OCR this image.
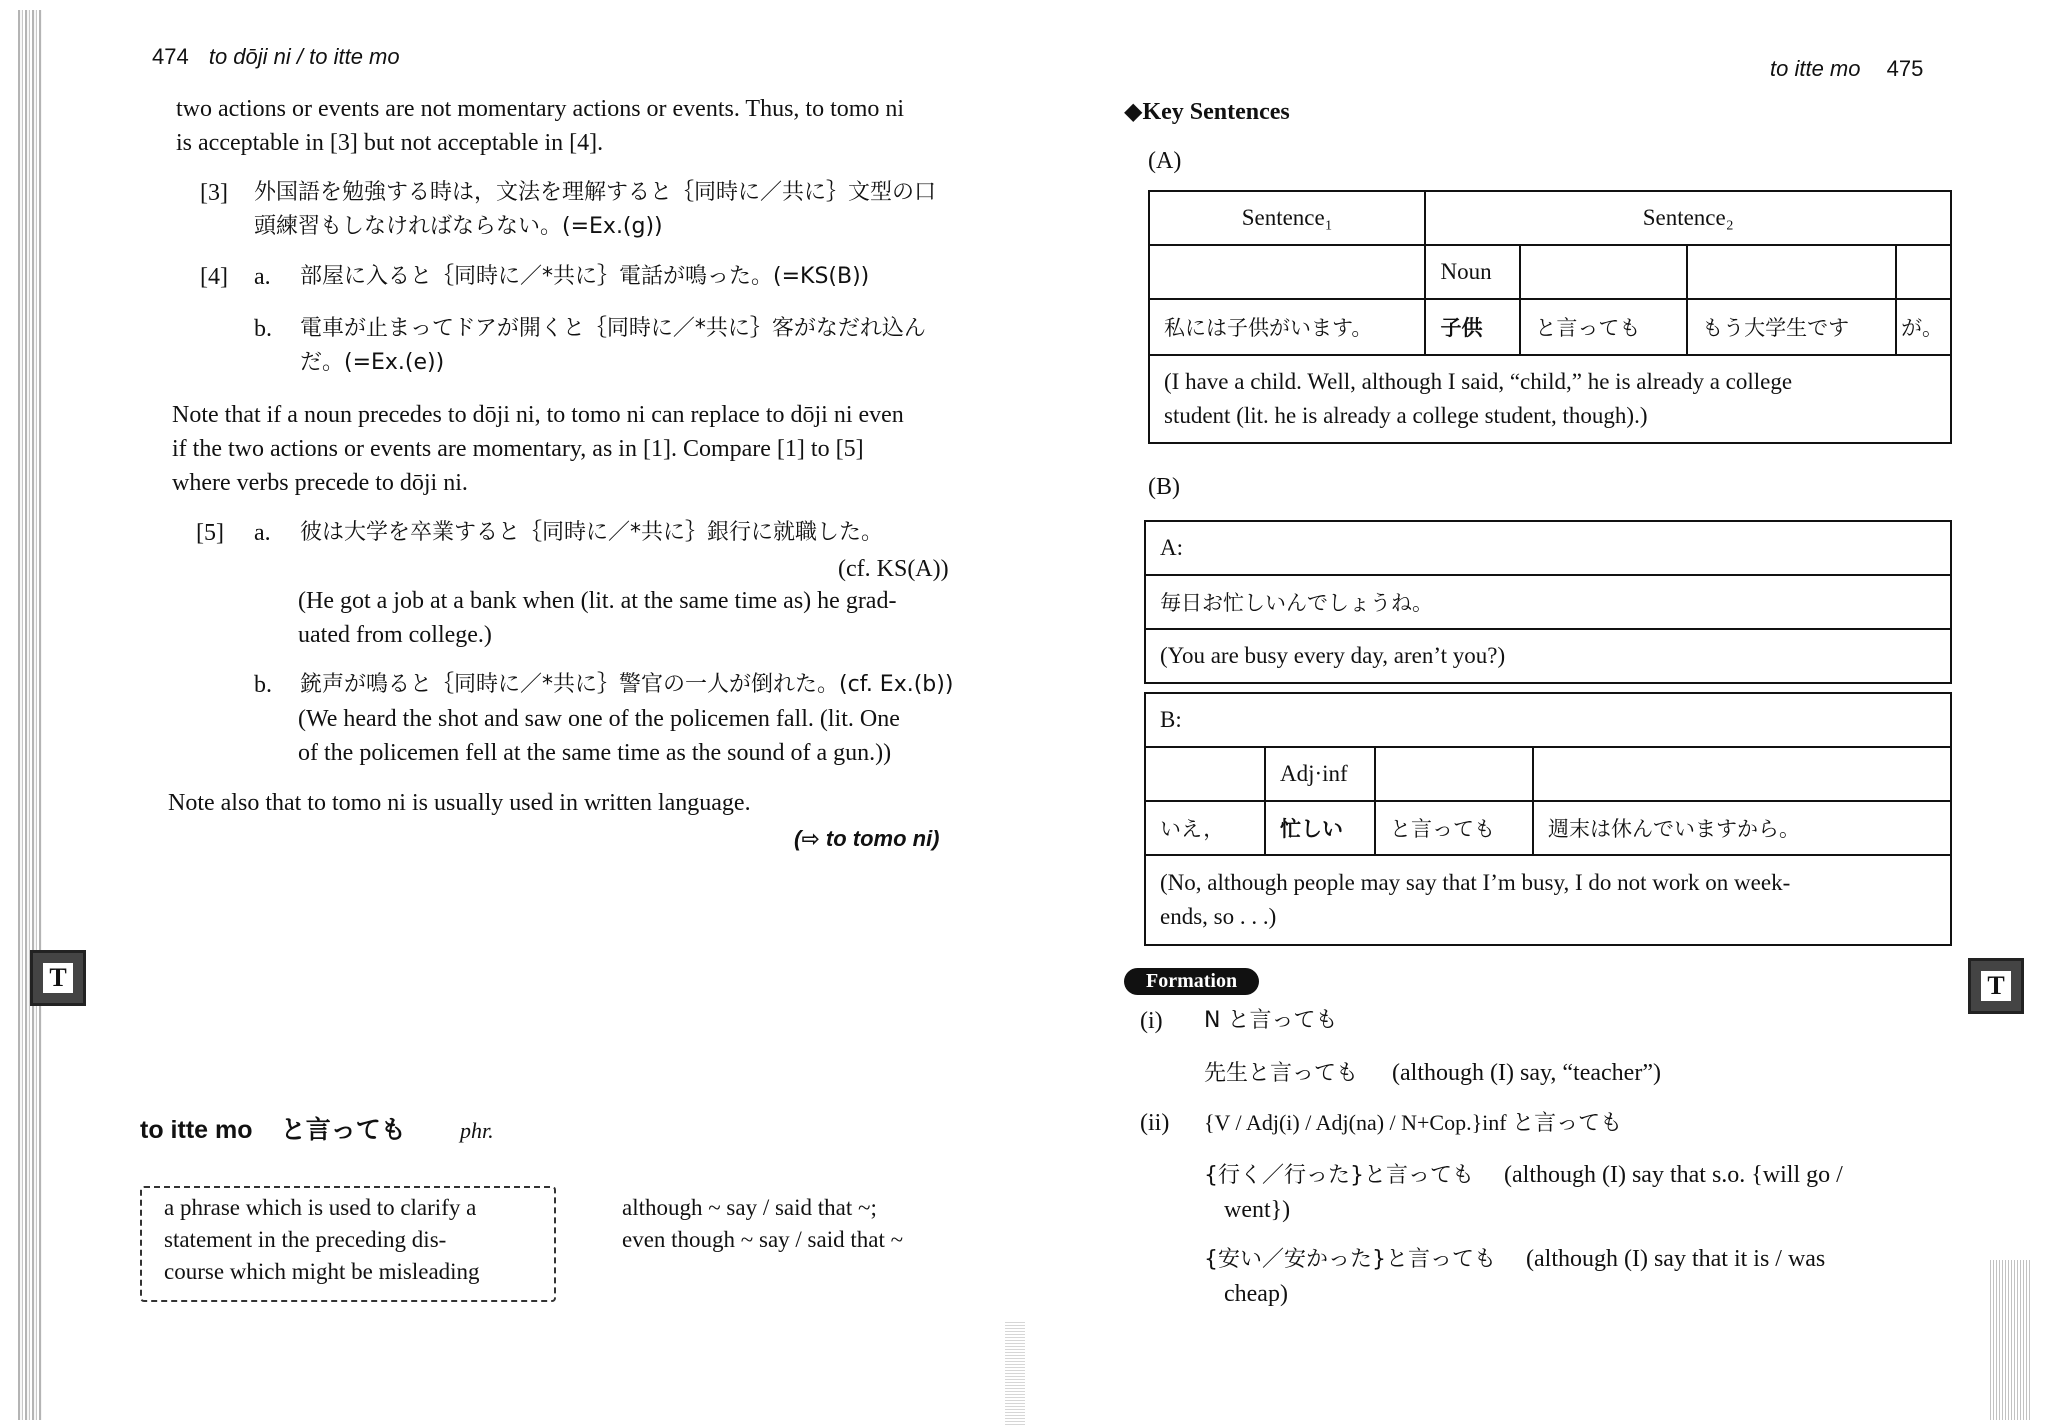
474 to dōji ni / to itte mo
two actions or events are not momentary actions or events. Thus, to tomo ni
is acceptable in [3] but not acceptable in [4].
[3] 外国語を勉強する時は，文法を理解すると｛同時に／共に｝文型の口
頭練習もしなければならない。(=Ex.(g))
[4] a. 部屋に入ると｛同時に／*共に｝電話が鳴った。(=KS(B))
b. 電車が止まってドアが開くと｛同時に／*共に｝客がなだれ込ん
だ。(=Ex.(e))
Note that if a noun precedes to dōji ni, to tomo ni can replace to dōji ni even
if the two actions or events are momentary, as in [1]. Compare [1] to [5]
where verbs precede to dōji ni.
[5] a. 彼は大学を卒業すると｛同時に／*共に｝銀行に就職した。
(cf. KS(A))
(He got a job at a bank when (lit. at the same time as) he grad-
uated from college.)
b. 銃声が鳴ると｛同時に／*共に｝警官の一人が倒れた。(cf. Ex.(b))
(We heard the shot and saw one of the policemen fall. (lit. One
of the policemen fell at the same time as the sound of a gun.))
Note also that to tomo ni is usually used in written language.
(⇨ to tomo ni)
T
to itte mo と言っても phr.
a phrase which is used to clarify a
statement in the preceding dis-
course which might be misleading
although ~ say / said that ~;
even though ~ say / said that ~
to itte mo 475
◆Key Sentences
(A)
Sentence₁	Sentence₂			
	Noun			
私には子供がいます。	子供	と言っても	もう大学生です	が。

(I have a child. Well, although I said, “child,” he is already a college
student (lit. he is already a college student, though).)				
(B)
A:			
毎日お忙しいんでしょうね。			
(You are busy every day, aren’t you?)			

B:			
	Adj·inf		
いえ，	忙しい	と言っても	週末は休んでいますから。

(No, although people may say that I’m busy, I do not work on week-
ends, so . . .)			
Formation
(i) N と言っても
先生と言っても (although (I) say, “teacher”)
(ii) {V / Adj(i) / Adj(na) / N+Cop.}inf と言っても
{行く／行った}と言っても (although (I) say that s.o. {will go /
went})
{安い／安かった}と言っても (although (I) say that it is / was
cheap)
T
